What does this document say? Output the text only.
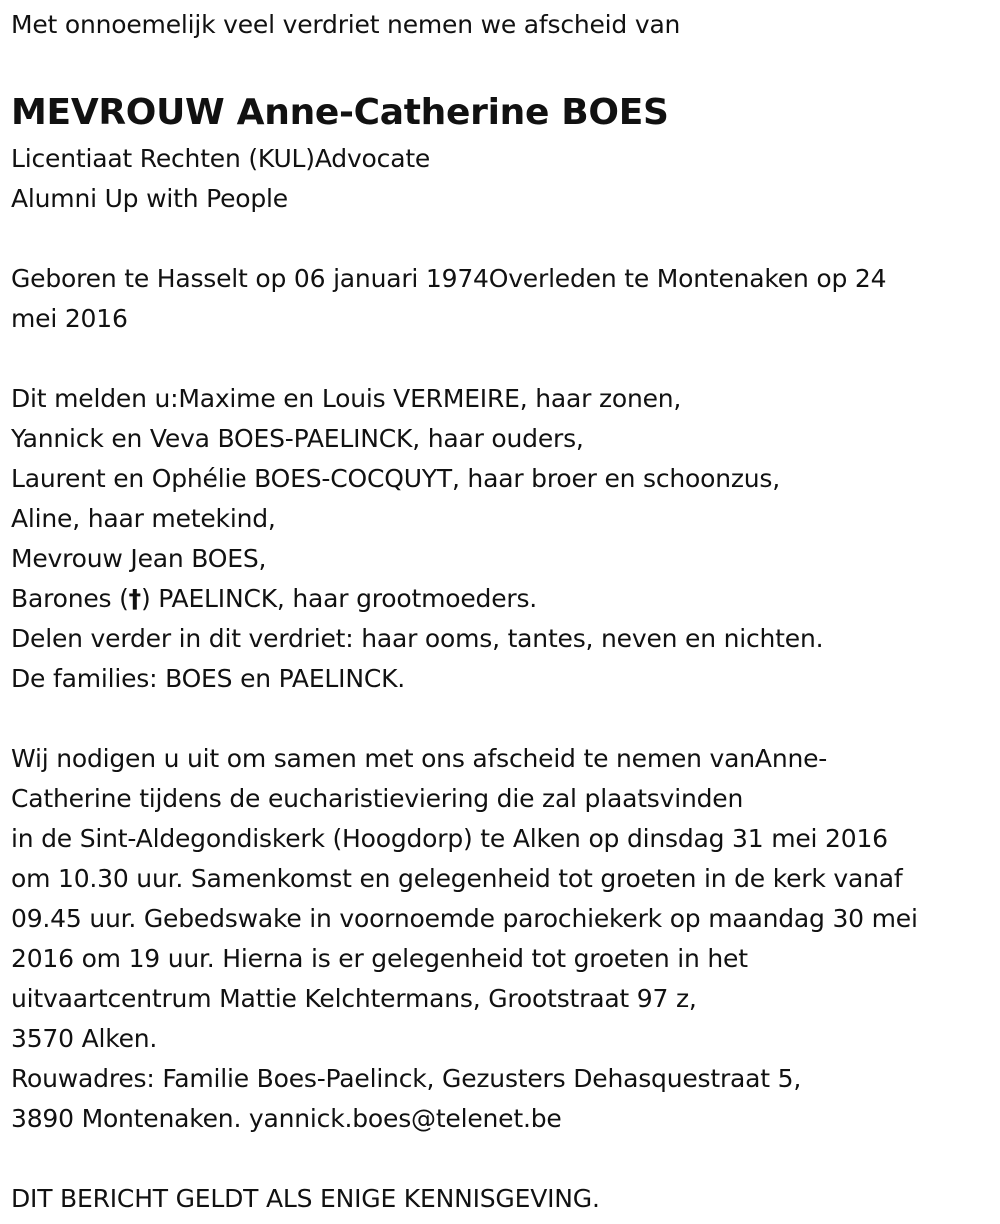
Met onnoemelijk veel verdriet nemen we afscheid van

MEVROUW Anne-Catherine BOES

Licentiaat Rechten (KUL)Advocate

Alumni Up with People

Geboren te Hasselt op 06 januari 1974Overleden te Montenaken op 24

mei 2016

Dit melden u:Maxime en Louis VERMEIRE, haar zonen,

Yannick en Veva BOES-PAELINCK, haar ouders,

Laurent en Ophélie BOES-COCQUYT, haar broer en schoonzus,

Aline, haar metekind,

Mevrouw Jean BOES,

Barones (†) PAELINCK, haar grootmoeders.

Delen verder in dit verdriet: haar ooms, tantes, neven en nichten.

De families: BOES en PAELINCK.

Wij nodigen u uit om samen met ons afscheid te nemen vanAnne-

Catherine tijdens de eucharistieviering die zal plaatsvinden

in de Sint-Aldegondiskerk (Hoogdorp) te Alken op dinsdag 31 mei 2016

om 10.30 uur. Samenkomst en gelegenheid tot groeten in de kerk vanaf

09.45 uur. Gebedswake in voornoemde parochiekerk op maandag 30 mei

2016 om 19 uur. Hierna is er gelegenheid tot groeten in het

uitvaartcentrum Mattie Kelchtermans, Grootstraat 97 z,

3570 Alken.

Rouwadres: Familie Boes-Paelinck, Gezusters Dehasquestraat 5,

3890 Montenaken. yannick.boes@telenet.be

DIT BERICHT GELDT ALS ENIGE KENNISGEVING.
